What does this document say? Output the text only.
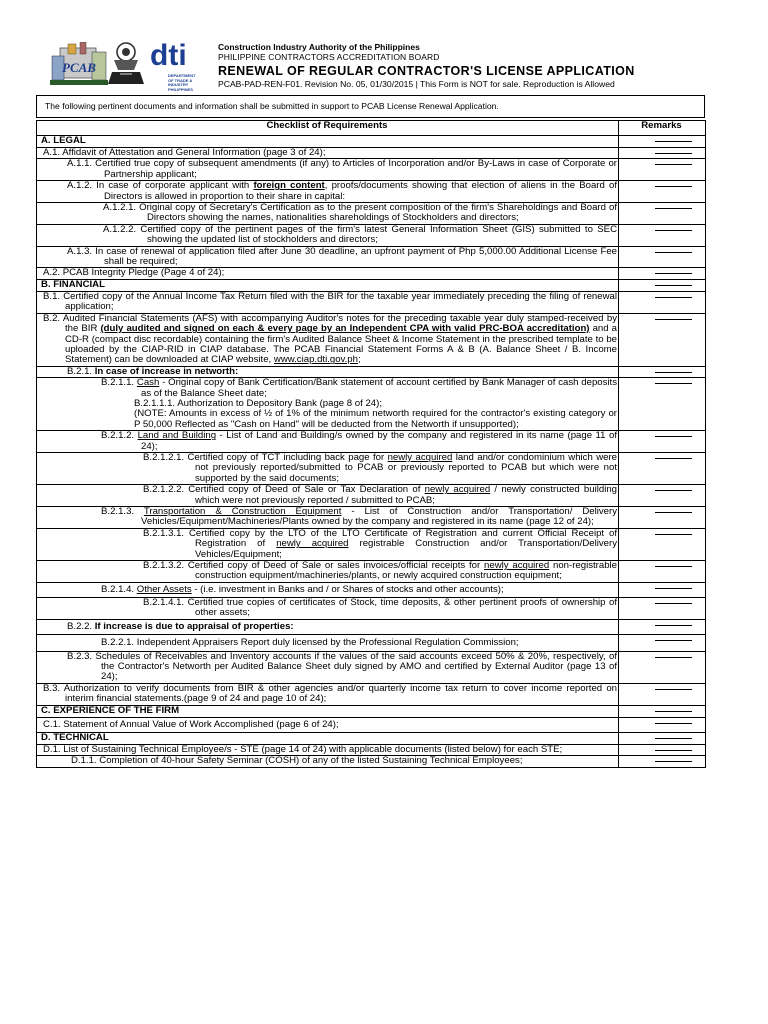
PCAB dti
DEPARTMENT OF TRADE & INDUSTRY PHILIPPINES
Construction Industry Authority of the Philippines
PHILIPPINE CONTRACTORS ACCREDITATION BOARD
RENEWAL OF REGULAR CONTRACTOR'S LICENSE APPLICATION
PCAB-PAD-REN-F01. Revision No. 05, 01/30/2015 | This Form is NOT for sale. Reproduction is Allowed
The following pertinent documents and information shall be submitted in support to PCAB License Renewal Application.
Checklist of Requirements	Remarks
A. LEGAL	

A.1. Affidavit of Attestation and General Information (page 3 of 24);	

A.1.1. Certified true copy of subsequent amendments (if any) to Articles of Incorporation and/or By-Laws in case of Corporate or Partnership applicant;	

A.1.2. In case of corporate applicant with foreign content, proofs/documents showing that election of aliens in the Board of Directors is allowed in proportion to their share in capital:	

A.1.2.1. Original copy of Secretary's Certification as to the present composition of the firm's Shareholdings and Board of Directors showing the names, nationalities shareholdings of Stockholders and directors;	

A.1.2.2. Certified copy of the pertinent pages of the firm's latest General Information Sheet (GIS) submitted to SEC showing the updated list of stockholders and directors;	

A.1.3. In case of renewal of application filed after June 30 deadline, an upfront payment of Php 5,000.00 Additional License Fee shall be required;	

A.2. PCAB Integrity Pledge (Page 4 of 24);	

B. FINANCIAL	

B.1. Certified copy of the Annual Income Tax Return filed with the BIR for the taxable year immediately preceding the filing of renewal application;	

B.2. Audited Financial Statements (AFS) with accompanying Auditor's notes for the preceding taxable year duly stamped-received by the BIR (duly audited and signed on each & every page by an Independent CPA with valid PRC-BOA accreditation) and a CD-R (compact disc recordable) containing the firm's Audited Balance Sheet & Income Statement in the prescribed template to be uploaded by the CIAP-RID in CIAP database. The PCAB Financial Statement Forms A & B (A. Balance Sheet / B. Income Statement) can be downloaded at CIAP website, www.ciap.dti.gov.ph;	

B.2.1. In case of increase in networth:	

B.2.1.1. Cash - Original copy of Bank Certification/Bank statement of account certified by Bank Manager of cash deposits as of the Balance Sheet date;
B.2.1.1.1. Authorization to Depository Bank (page 8 of 24);
(NOTE: Amounts in excess of ½ of 1% of the minimum networth required for the contractor's existing category or P 50,000 Reflected as "Cash on Hand" will be deducted from the Networth if unsupported);	

B.2.1.2. Land and Building - List of Land and Building/s owned by the company and registered in its name (page 11 of 24);	

B.2.1.2.1. Certified copy of TCT including back page for newly acquired land and/or condominium which were not previously reported/submitted to PCAB or previously reported to PCAB but which were not supported by the said documents;	

B.2.1.2.2. Certified copy of Deed of Sale or Tax Declaration of newly acquired / newly constructed building which were not previously reported / submitted to PCAB;	

B.2.1.3. Transportation & Construction Equipment - List of Construction and/or Transportation/ Delivery Vehicles/Equipment/Machineries/Plants owned by the company and registered in its name (page 12 of 24);	

B.2.1.3.1. Certified copy by the LTO of the LTO Certificate of Registration and current Official Receipt of Registration of newly acquired registrable Construction and/or Transportation/Delivery Vehicles/Equipment;	

B.2.1.3.2. Certified copy of Deed of Sale or sales invoices/official receipts for newly acquired non-registrable construction equipment/machineries/plants, or newly acquired construction equipment;	

B.2.1.4. Other Assets - (i.e. investment in Banks and / or Shares of stocks and other accounts);	

B.2.1.4.1. Certified true copies of certificates of Stock, time deposits, & other pertinent proofs of ownership of other assets;	

B.2.2. If increase is due to appraisal of properties:	

B.2.2.1. Independent Appraisers Report duly licensed by the Professional Regulation Commission;	

B.2.3. Schedules of Receivables and Inventory accounts if the values of the said accounts exceed 50% & 20%, respectively, of the Contractor's Networth per Audited Balance Sheet duly signed by AMO and certified by External Auditor (page 13 of 24);	

B.3. Authorization to verify documents from BIR & other agencies and/or quarterly income tax return to cover income reported on interim financial statements.(page 9 of 24 and page 10 of 24);	

C. EXPERIENCE OF THE FIRM	

C.1. Statement of Annual Value of Work Accomplished (page 6 of 24);	

D. TECHNICAL	

D.1. List of Sustaining Technical Employee/s - STE (page 14 of 24) with applicable documents (listed below) for each STE;	

D.1.1. Completion of 40-hour Safety Seminar (COSH) of any of the listed Sustaining Technical Employees;	
